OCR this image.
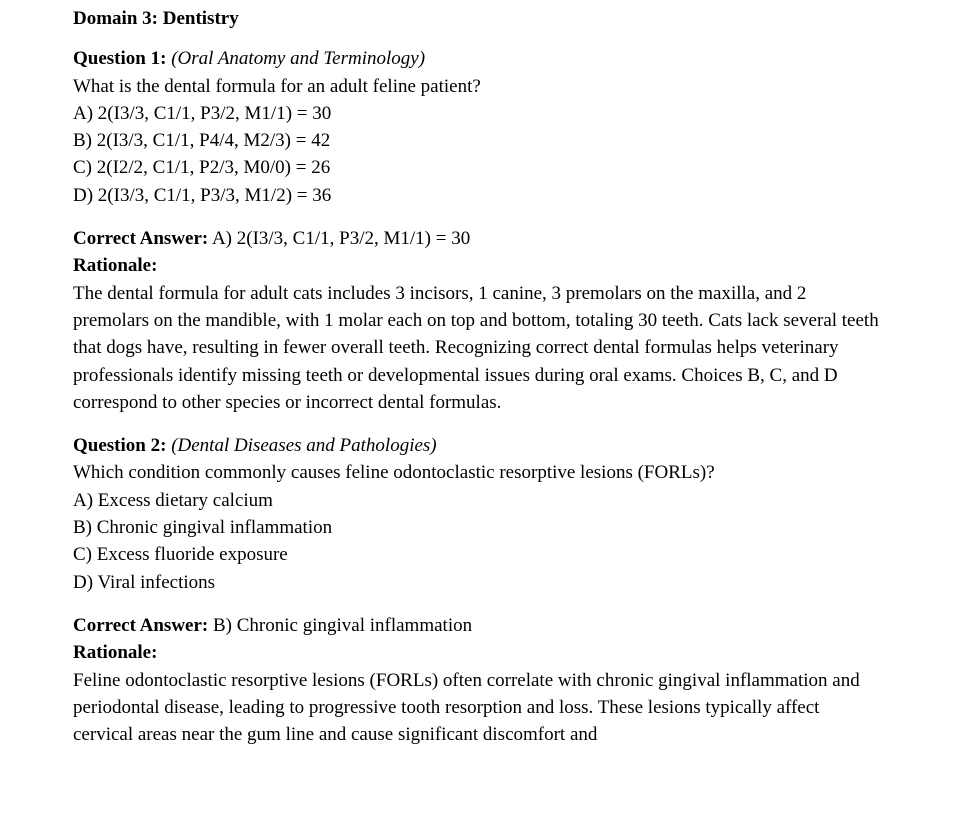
Domain 3: Dentistry
Question 1: (Oral Anatomy and Terminology)
What is the dental formula for an adult feline patient?
A) 2(I3/3, C1/1, P3/2, M1/1) = 30
B) 2(I3/3, C1/1, P4/4, M2/3) = 42
C) 2(I2/2, C1/1, P2/3, M0/0) = 26
D) 2(I3/3, C1/1, P3/3, M1/2) = 36
Correct Answer: A) 2(I3/3, C1/1, P3/2, M1/1) = 30
Rationale:

The dental formula for adult cats includes 3 incisors, 1 canine, 3 premolars on the maxilla, and 2 premolars on the mandible, with 1 molar each on top and bottom, totaling 30 teeth. Cats lack several teeth that dogs have, resulting in fewer overall teeth. Recognizing correct dental formulas helps veterinary professionals identify missing teeth or developmental issues during oral exams. Choices B, C, and D correspond to other species or incorrect dental formulas.

Question 2: (Dental Diseases and Pathologies)
Which condition commonly causes feline odontoclastic resorptive lesions (FORLs)?
A) Excess dietary calcium
B) Chronic gingival inflammation
C) Excess fluoride exposure
D) Viral infections
Correct Answer: B) Chronic gingival inflammation
Rationale:

Feline odontoclastic resorptive lesions (FORLs) often correlate with chronic gingival inflammation and periodontal disease, leading to progressive tooth resorption and loss. These lesions typically affect cervical areas near the gum line and cause significant discomfort and
